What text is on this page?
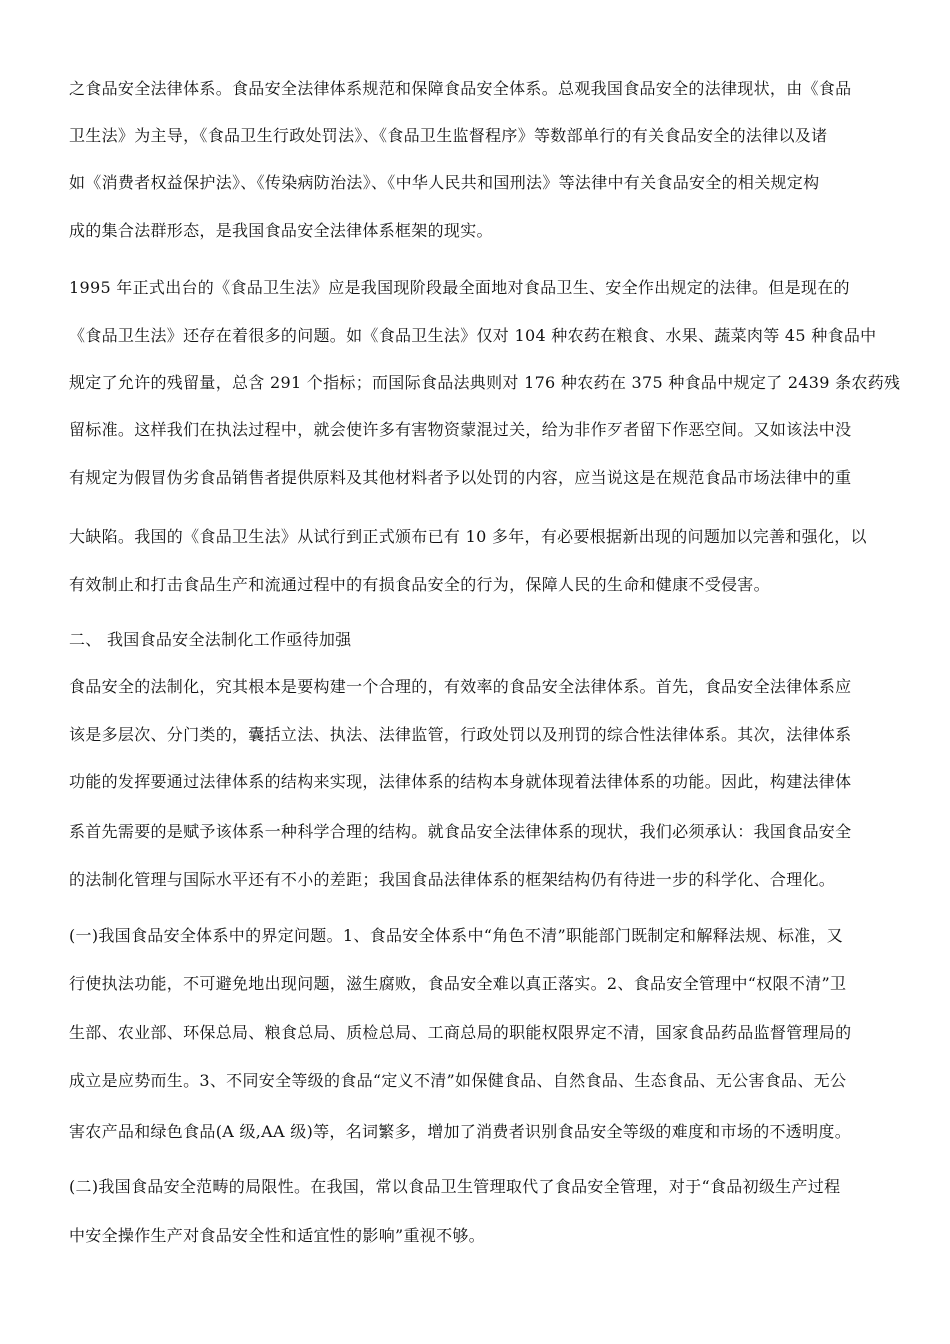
之食品安全法律体系。食品安全法律体系规范和保障食品安全体系。总观我国食品安全的法律现状，由《食品
卫生法》为主导，《食品卫生行政处罚法》、《食品卫生监督程序》等数部单行的有关食品安全的法律以及诸
如《消费者权益保护法》、《传染病防治法》、《中华人民共和国刑法》等法律中有关食品安全的相关规定构
成的集合法群形态，是我国食品安全法律体系框架的现实。
1995 年正式出台的《食品卫生法》应是我国现阶段最全面地对食品卫生、安全作出规定的法律。但是现在的
《食品卫生法》还存在着很多的问题。如《食品卫生法》仅对 104 种农药在粮食、水果、蔬菜肉等 45 种食品中
规定了允许的残留量，总含 291 个指标；而国际食品法典则对 176 种农药在 375 种食品中规定了 2439 条农药残
留标准。这样我们在执法过程中，就会使许多有害物资蒙混过关，给为非作歹者留下作恶空间。又如该法中没
有规定为假冒伪劣食品销售者提供原料及其他材料者予以处罚的内容，应当说这是在规范食品市场法律中的重
大缺陷。我国的《食品卫生法》从试行到正式颁布已有 10 多年，有必要根据新出现的问题加以完善和强化，以
有效制止和打击食品生产和流通过程中的有损食品安全的行为，保障人民的生命和健康不受侵害。
二、 我国食品安全法制化工作亟待加强
食品安全的法制化，究其根本是要构建一个合理的，有效率的食品安全法律体系。首先，食品安全法律体系应
该是多层次、分门类的，囊括立法、执法、法律监管，行政处罚以及刑罚的综合性法律体系。其次，法律体系
功能的发挥要通过法律体系的结构来实现，法律体系的结构本身就体现着法律体系的功能。因此，构建法律体
系首先需要的是赋予该体系一种科学合理的结构。就食品安全法律体系的现状，我们必须承认：我国食品安全
的法制化管理与国际水平还有不小的差距；我国食品法律体系的框架结构仍有待进一步的科学化、合理化。
(一)我国食品安全体系中的界定问题。1、食品安全体系中“角色不清”职能部门既制定和解释法规、标准，又
行使执法功能，不可避免地出现问题，滋生腐败，食品安全难以真正落实。2、食品安全管理中“权限不清”卫
生部、农业部、环保总局、粮食总局、质检总局、工商总局的职能权限界定不清，国家食品药品监督管理局的
成立是应势而生。3、不同安全等级的食品“定义不清”如保健食品、自然食品、生态食品、无公害食品、无公
害农产品和绿色食品(A 级,AA 级)等，名词繁多，增加了消费者识别食品安全等级的难度和市场的不透明度。
(二)我国食品安全范畴的局限性。在我国，常以食品卫生管理取代了食品安全管理，对于“食品初级生产过程
中安全操作生产对食品安全性和适宜性的影响”重视不够。
